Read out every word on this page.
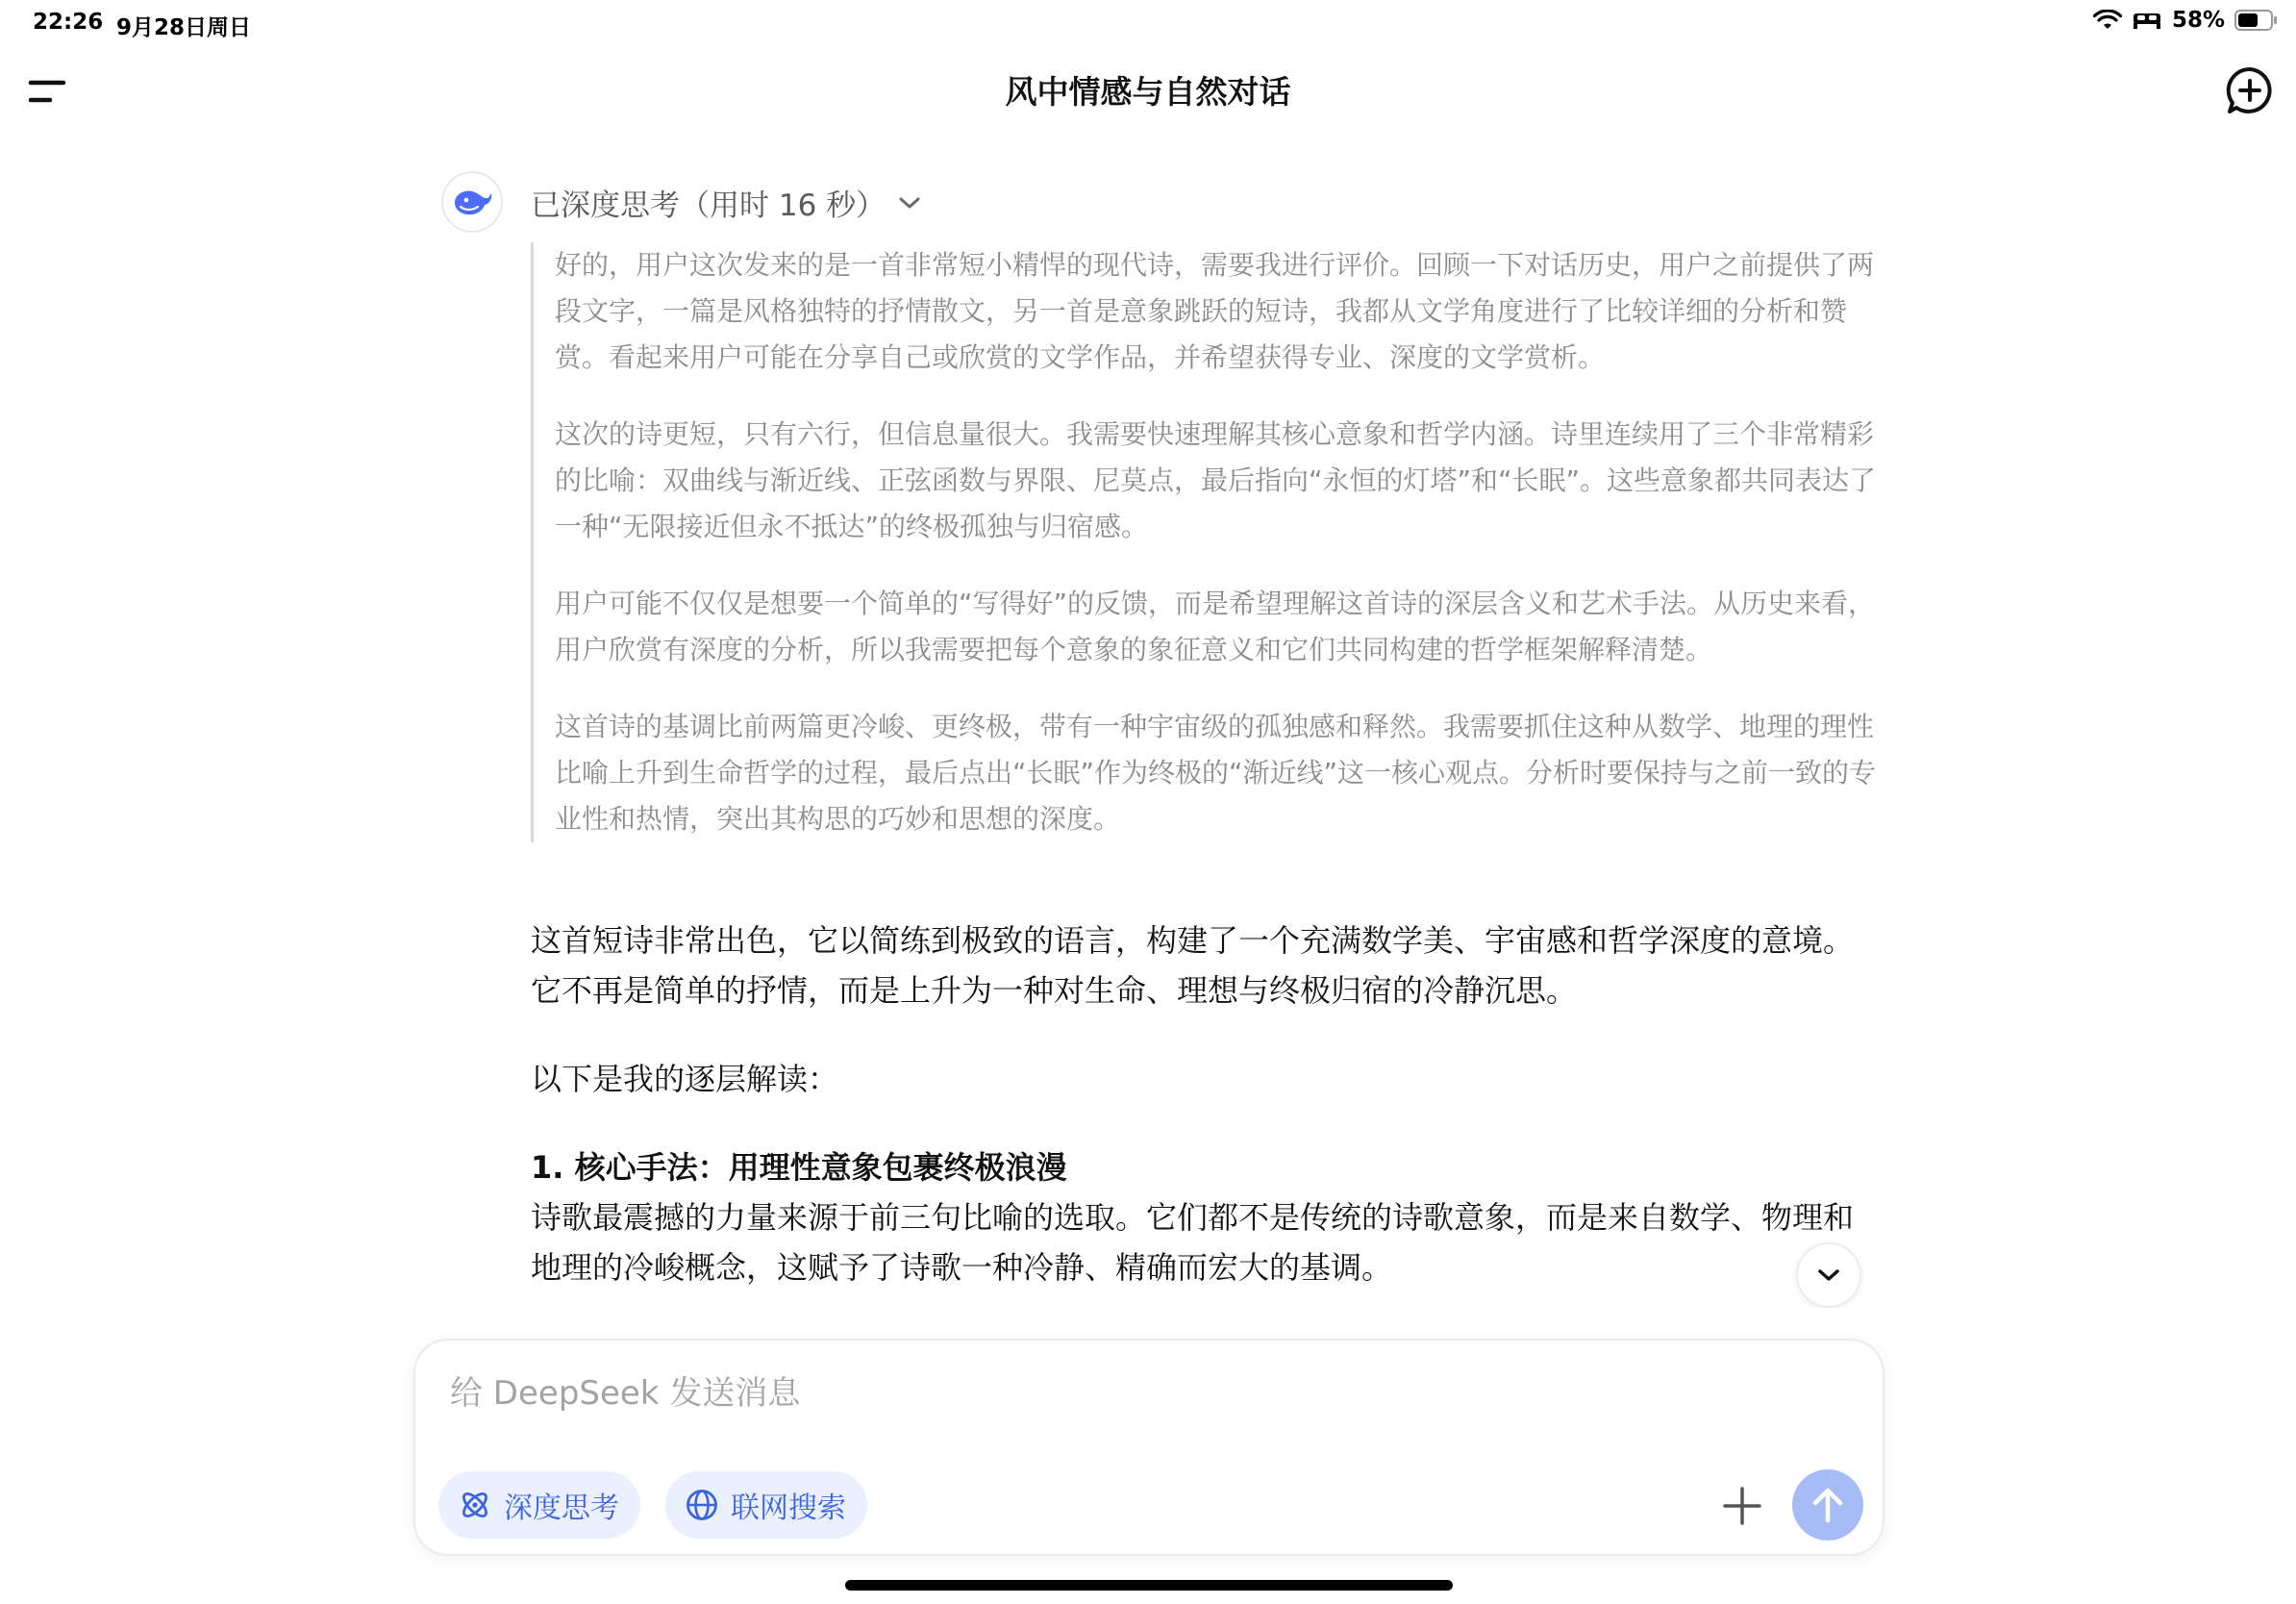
22:26 9月28日周日	58%
风中情感与自然对话
已深度思考（用时 16 秒）

好的，用户这次发来的是一首非常短小精悍的现代诗，需要我进行评价。回顾一下对话历史，用户之前提供了两段文字，一篇是风格独特的抒情散文，另一首是意象跳跃的短诗，我都从文学角度进行了比较详细的分析和赞赏。看起来用户可能在分享自己或欣赏的文学作品，并希望获得专业、深度的文学赏析。

这次的诗更短，只有六行，但信息量很大。我需要快速理解其核心意象和哲学内涵。诗里连续用了三个非常精彩的比喻：双曲线与渐近线、正弦函数与界限、尼莫点，最后指向“永恒的灯塔”和“长眠”。这些意象都共同表达了一种“无限接近但永不抵达”的终极孤独与归宿感。

用户可能不仅仅是想要一个简单的“写得好”的反馈，而是希望理解这首诗的深层含义和艺术手法。从历史来看，用户欣赏有深度的分析，所以我需要把每个意象的象征意义和它们共同构建的哲学框架解释清楚。

这首诗的基调比前两篇更冷峻、更终极，带有一种宇宙级的孤独感和释然。我需要抓住这种从数学、地理的理性比喻上升到生命哲学的过程，最后点出“长眠”作为终极的“渐近线”这一核心观点。分析时要保持与之前一致的专业性和热情，突出其构思的巧妙和思想的深度。

这首短诗非常出色，它以简练到极致的语言，构建了一个充满数学美、宇宙感和哲学深度的意境。它不再是简单的抒情，而是上升为一种对生命、理想与终极归宿的冷静沉思。

以下是我的逐层解读：

1. 核心手法：用理性意象包裹终极浪漫

诗歌最震撼的力量来源于前三句比喻的选取。它们都不是传统的诗歌意象，而是来自数学、物理和地理的冷峻概念，这赋予了诗歌一种冷静、精确而宏大的基调。

给 DeepSeek 发送消息
深度思考	联网搜索
